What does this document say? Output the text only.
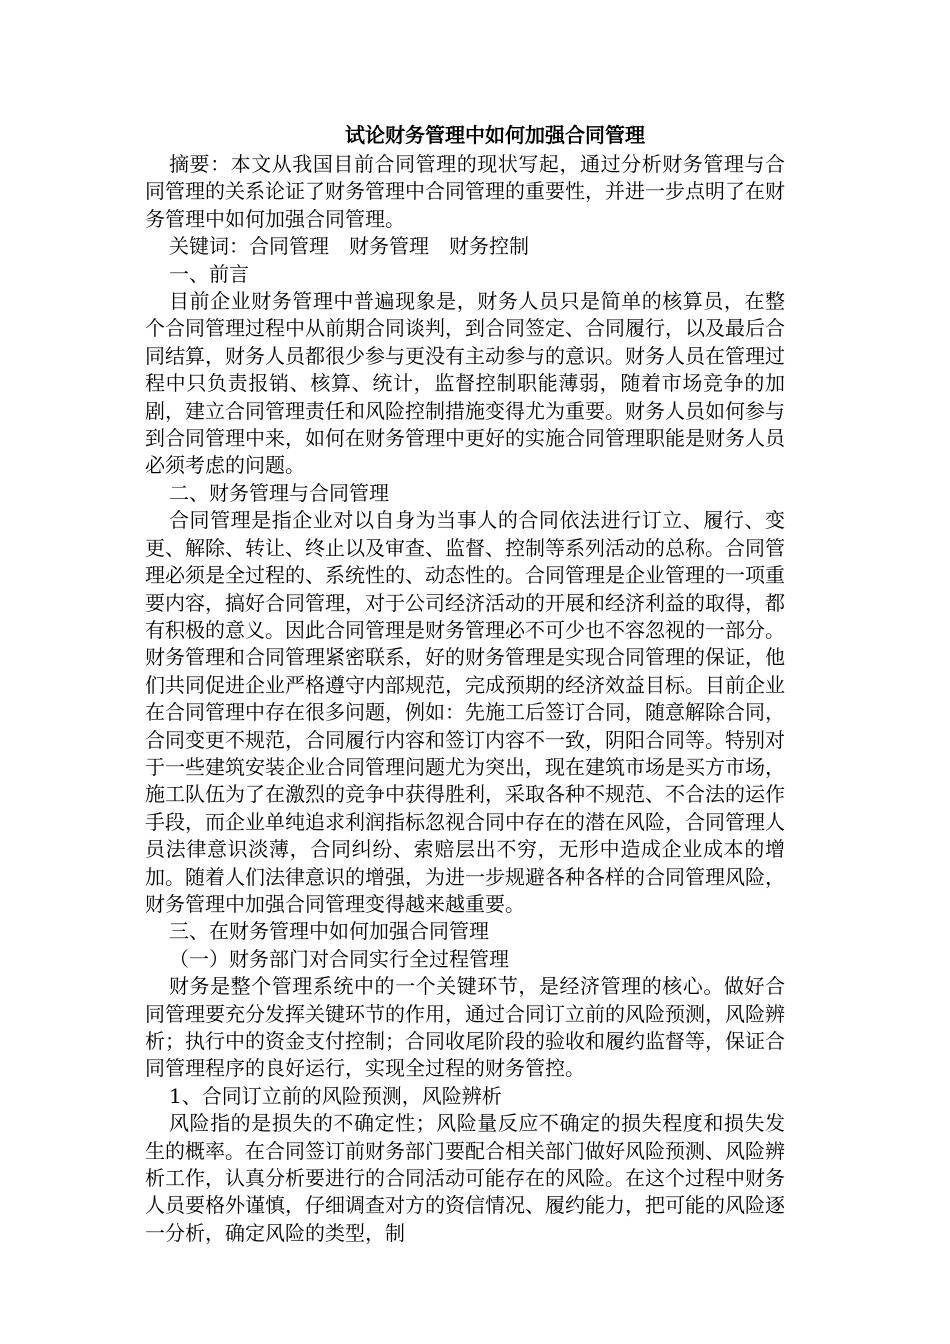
试论财务管理中如何加强合同管理

摘要：本文从我国目前合同管理的现状写起，通过分析财务管理与合同管理的关系论证了财务管理中合同管理的重要性，并进一步点明了在财务管理中如何加强合同管理。

关键词：合同管理　财务管理　财务控制

一、前言

目前企业财务管理中普遍现象是，财务人员只是简单的核算员，在整个合同管理过程中从前期合同谈判，到合同签定、合同履行，以及最后合同结算，财务人员都很少参与更没有主动参与的意识。财务人员在管理过程中只负责报销、核算、统计，监督控制职能薄弱，随着市场竞争的加剧，建立合同管理责任和风险控制措施变得尤为重要。财务人员如何参与到合同管理中来，如何在财务管理中更好的实施合同管理职能是财务人员必须考虑的问题。

二、财务管理与合同管理

合同管理是指企业对以自身为当事人的合同依法进行订立、履行、变更、解除、转让、终止以及审查、监督、控制等系列活动的总称。合同管理必须是全过程的、系统性的、动态性的。合同管理是企业管理的一项重要内容，搞好合同管理，对于公司经济活动的开展和经济利益的取得，都有积极的意义。因此合同管理是财务管理必不可少也不容忽视的一部分。财务管理和合同管理紧密联系，好的财务管理是实现合同管理的保证，他们共同促进企业严格遵守内部规范，完成预期的经济效益目标。目前企业在合同管理中存在很多问题，例如：先施工后签订合同，随意解除合同，合同变更不规范，合同履行内容和签订内容不一致，阴阳合同等。特别对于一些建筑安装企业合同管理问题尤为突出，现在建筑市场是买方市场，施工队伍为了在激烈的竞争中获得胜利，采取各种不规范、不合法的运作手段，而企业单纯追求利润指标忽视合同中存在的潜在风险，合同管理人员法律意识淡薄，合同纠纷、索赔层出不穷，无形中造成企业成本的增加。随着人们法律意识的增强，为进一步规避各种各样的合同管理风险，财务管理中加强合同管理变得越来越重要。

三、在财务管理中如何加强合同管理

（一）财务部门对合同实行全过程管理

财务是整个管理系统中的一个关键环节，是经济管理的核心。做好合同管理要充分发挥关键环节的作用，通过合同订立前的风险预测，风险辨析；执行中的资金支付控制；合同收尾阶段的验收和履约监督等，保证合同管理程序的良好运行，实现全过程的财务管控。

1、合同订立前的风险预测，风险辨析

风险指的是损失的不确定性；风险量反应不确定的损失程度和损失发生的概率。在合同签订前财务部门要配合相关部门做好风险预测、风险辨析工作，认真分析要进行的合同活动可能存在的风险。在这个过程中财务人员要格外谨慎，仔细调查对方的资信情况、履约能力，把可能的风险逐一分析，确定风险的类型，制
